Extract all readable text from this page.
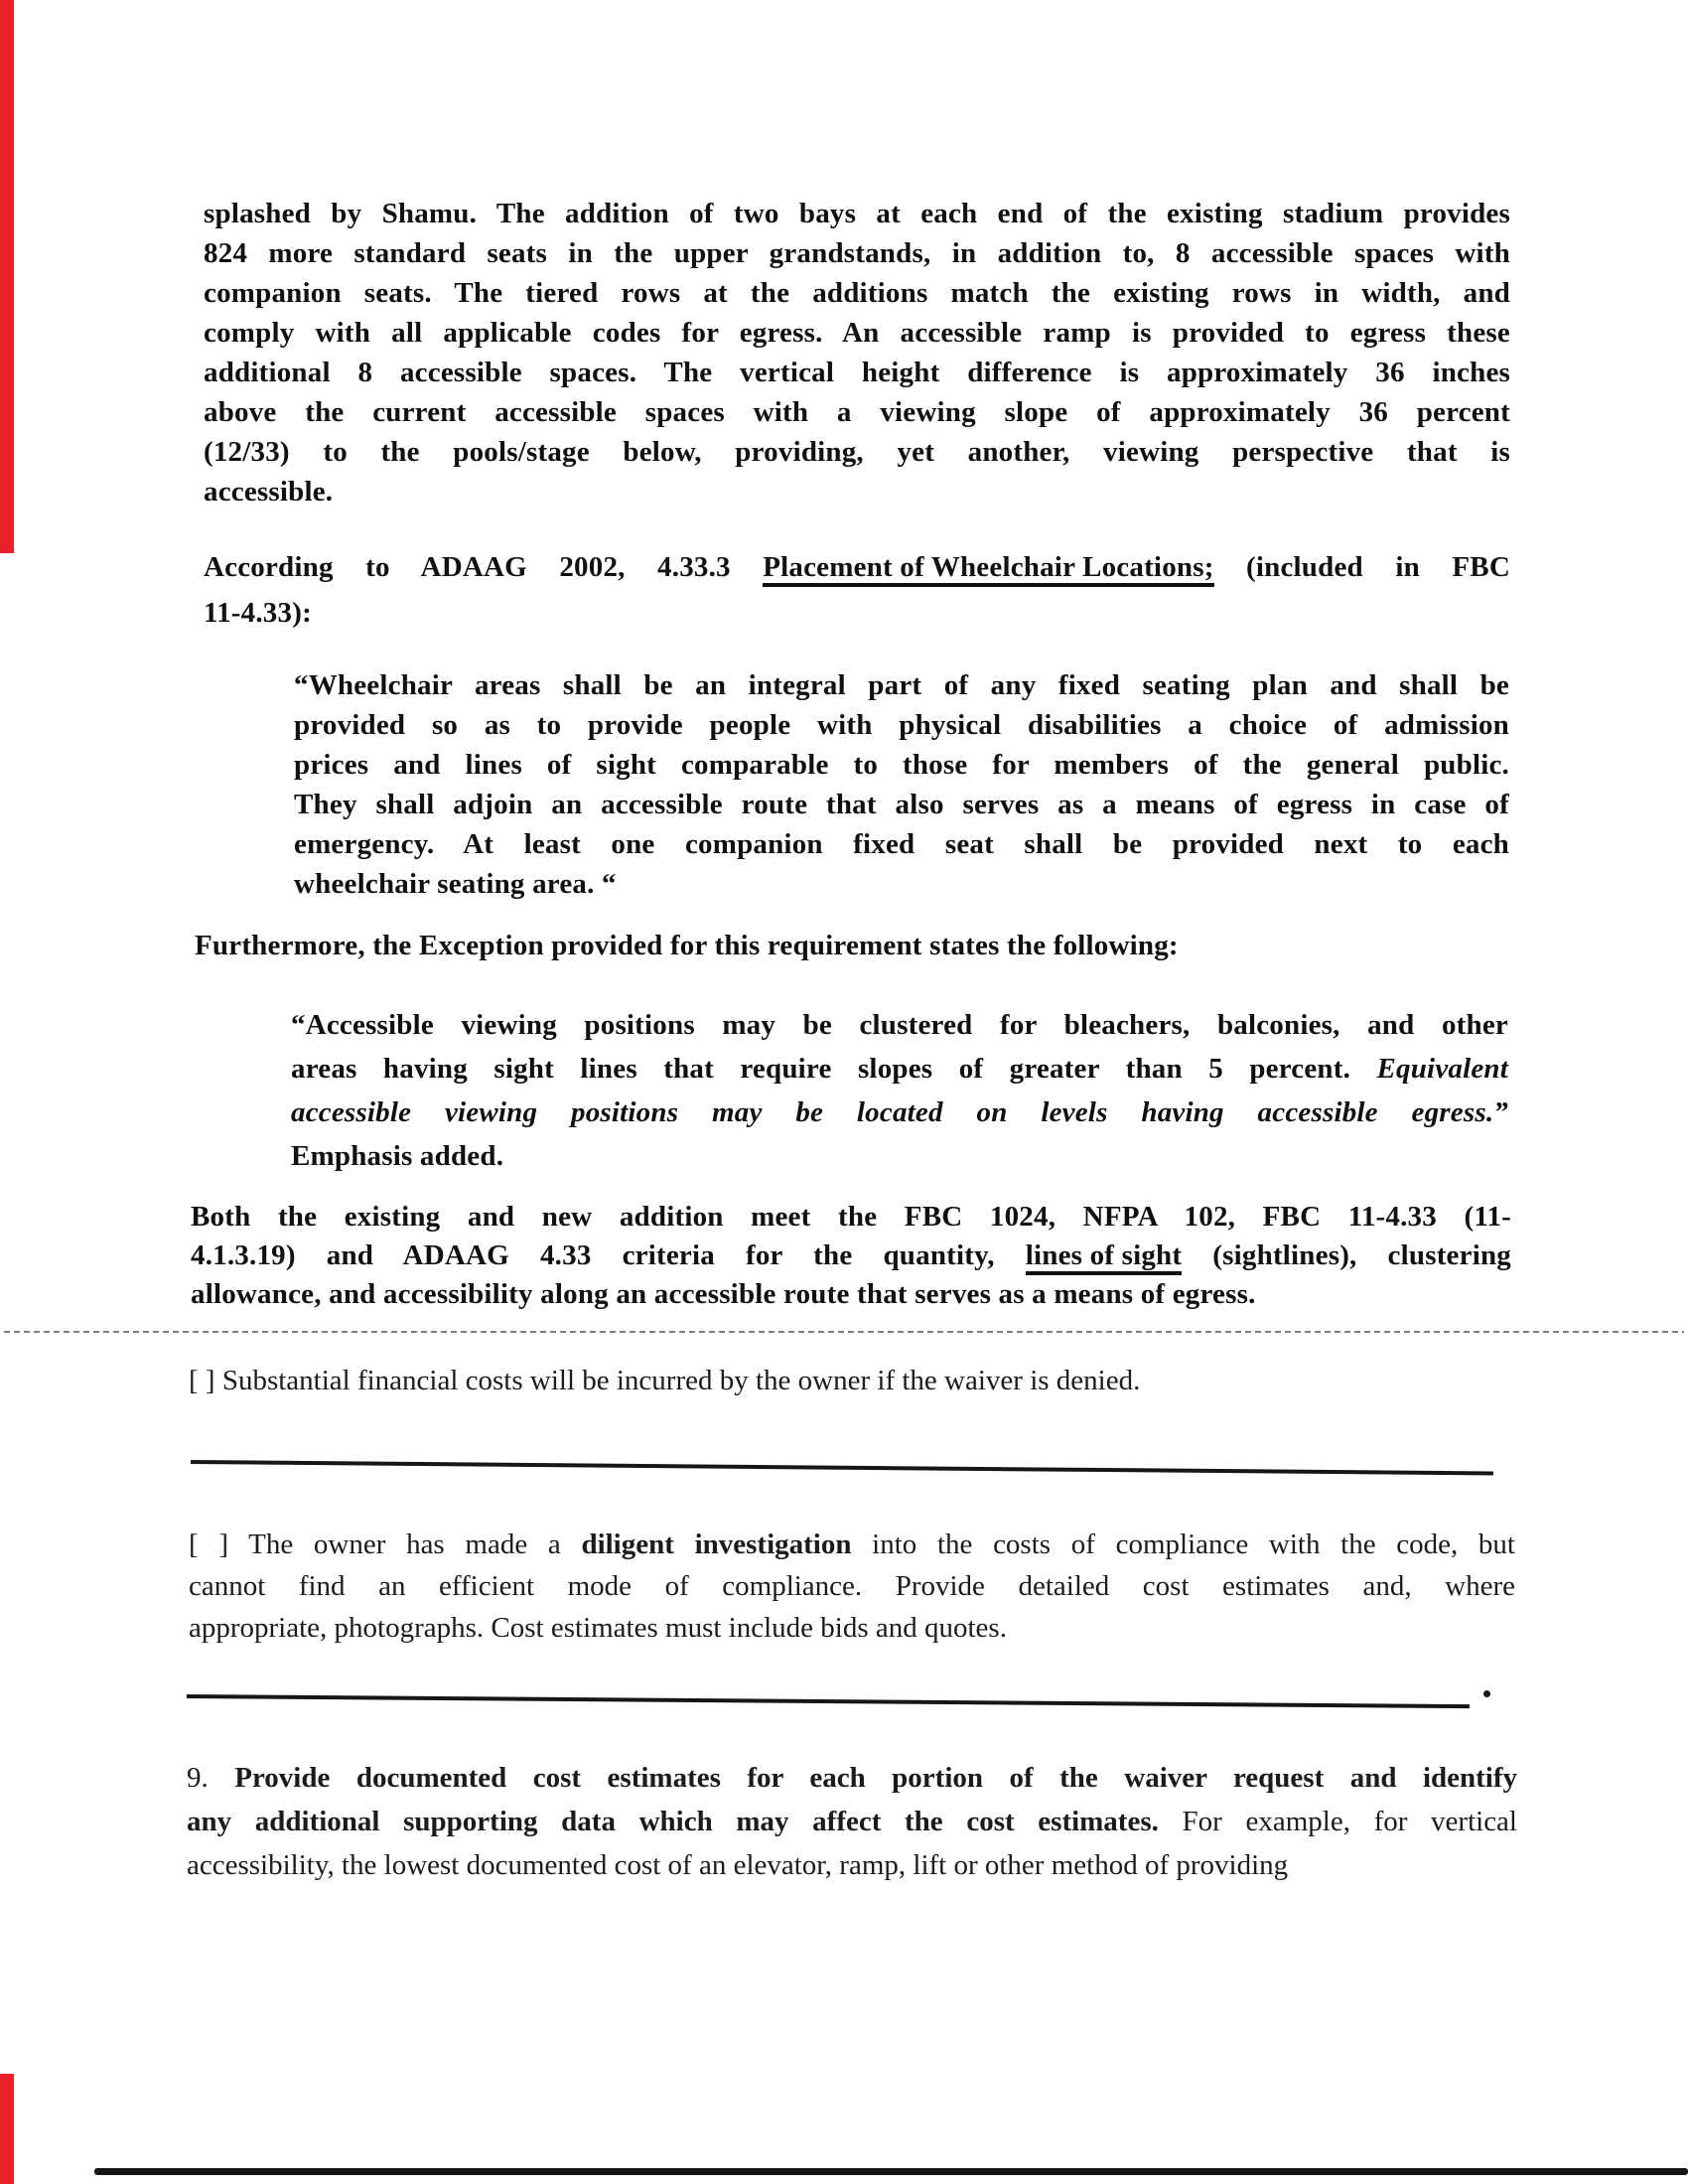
splashed by Shamu. The addition of two bays at each end of the existing stadium provides
824 more standard seats in the upper grandstands, in addition to, 8 accessible spaces with
companion seats. The tiered rows at the additions match the existing rows in width, and
comply with all applicable codes for egress. An accessible ramp is provided to egress these
additional 8 accessible spaces. The vertical height difference is approximately 36 inches
above the current accessible spaces with a viewing slope of approximately 36 percent
(12/33) to the pools/stage below, providing, yet another, viewing perspective that is
accessible.
According to ADAAG 2002, 4.33.3 Placement of Wheelchair Locations; (included in FBC
11-4.33):
“Wheelchair areas shall be an integral part of any fixed seating plan and shall be
provided so as to provide people with physical disabilities a choice of admission
prices and lines of sight comparable to those for members of the general public.
They shall adjoin an accessible route that also serves as a means of egress in case of
emergency. At least one companion fixed seat shall be provided next to each
wheelchair seating area. “
Furthermore, the Exception provided for this requirement states the following:
“Accessible viewing positions may be clustered for bleachers, balconies, and other
areas having sight lines that require slopes of greater than 5 percent. Equivalent
accessible viewing positions may be located on levels having accessible egress.”
Emphasis added.
Both the existing and new addition meet the FBC 1024, NFPA 102, FBC 11-4.33 (11-
4.1.3.19) and ADAAG 4.33 criteria for the quantity, lines of sight (sightlines), clustering
allowance, and accessibility along an accessible route that serves as a means of egress.
[ ] Substantial financial costs will be incurred by the owner if the waiver is denied.
[ ] The owner has made a diligent investigation into the costs of compliance with the code, but
cannot find an efficient mode of compliance. Provide detailed cost estimates and, where
appropriate, photographs. Cost estimates must include bids and quotes.
9. Provide documented cost estimates for each portion of the waiver request and identify
any additional supporting data which may affect the cost estimates. For example, for vertical
accessibility, the lowest documented cost of an elevator, ramp, lift or other method of providing
